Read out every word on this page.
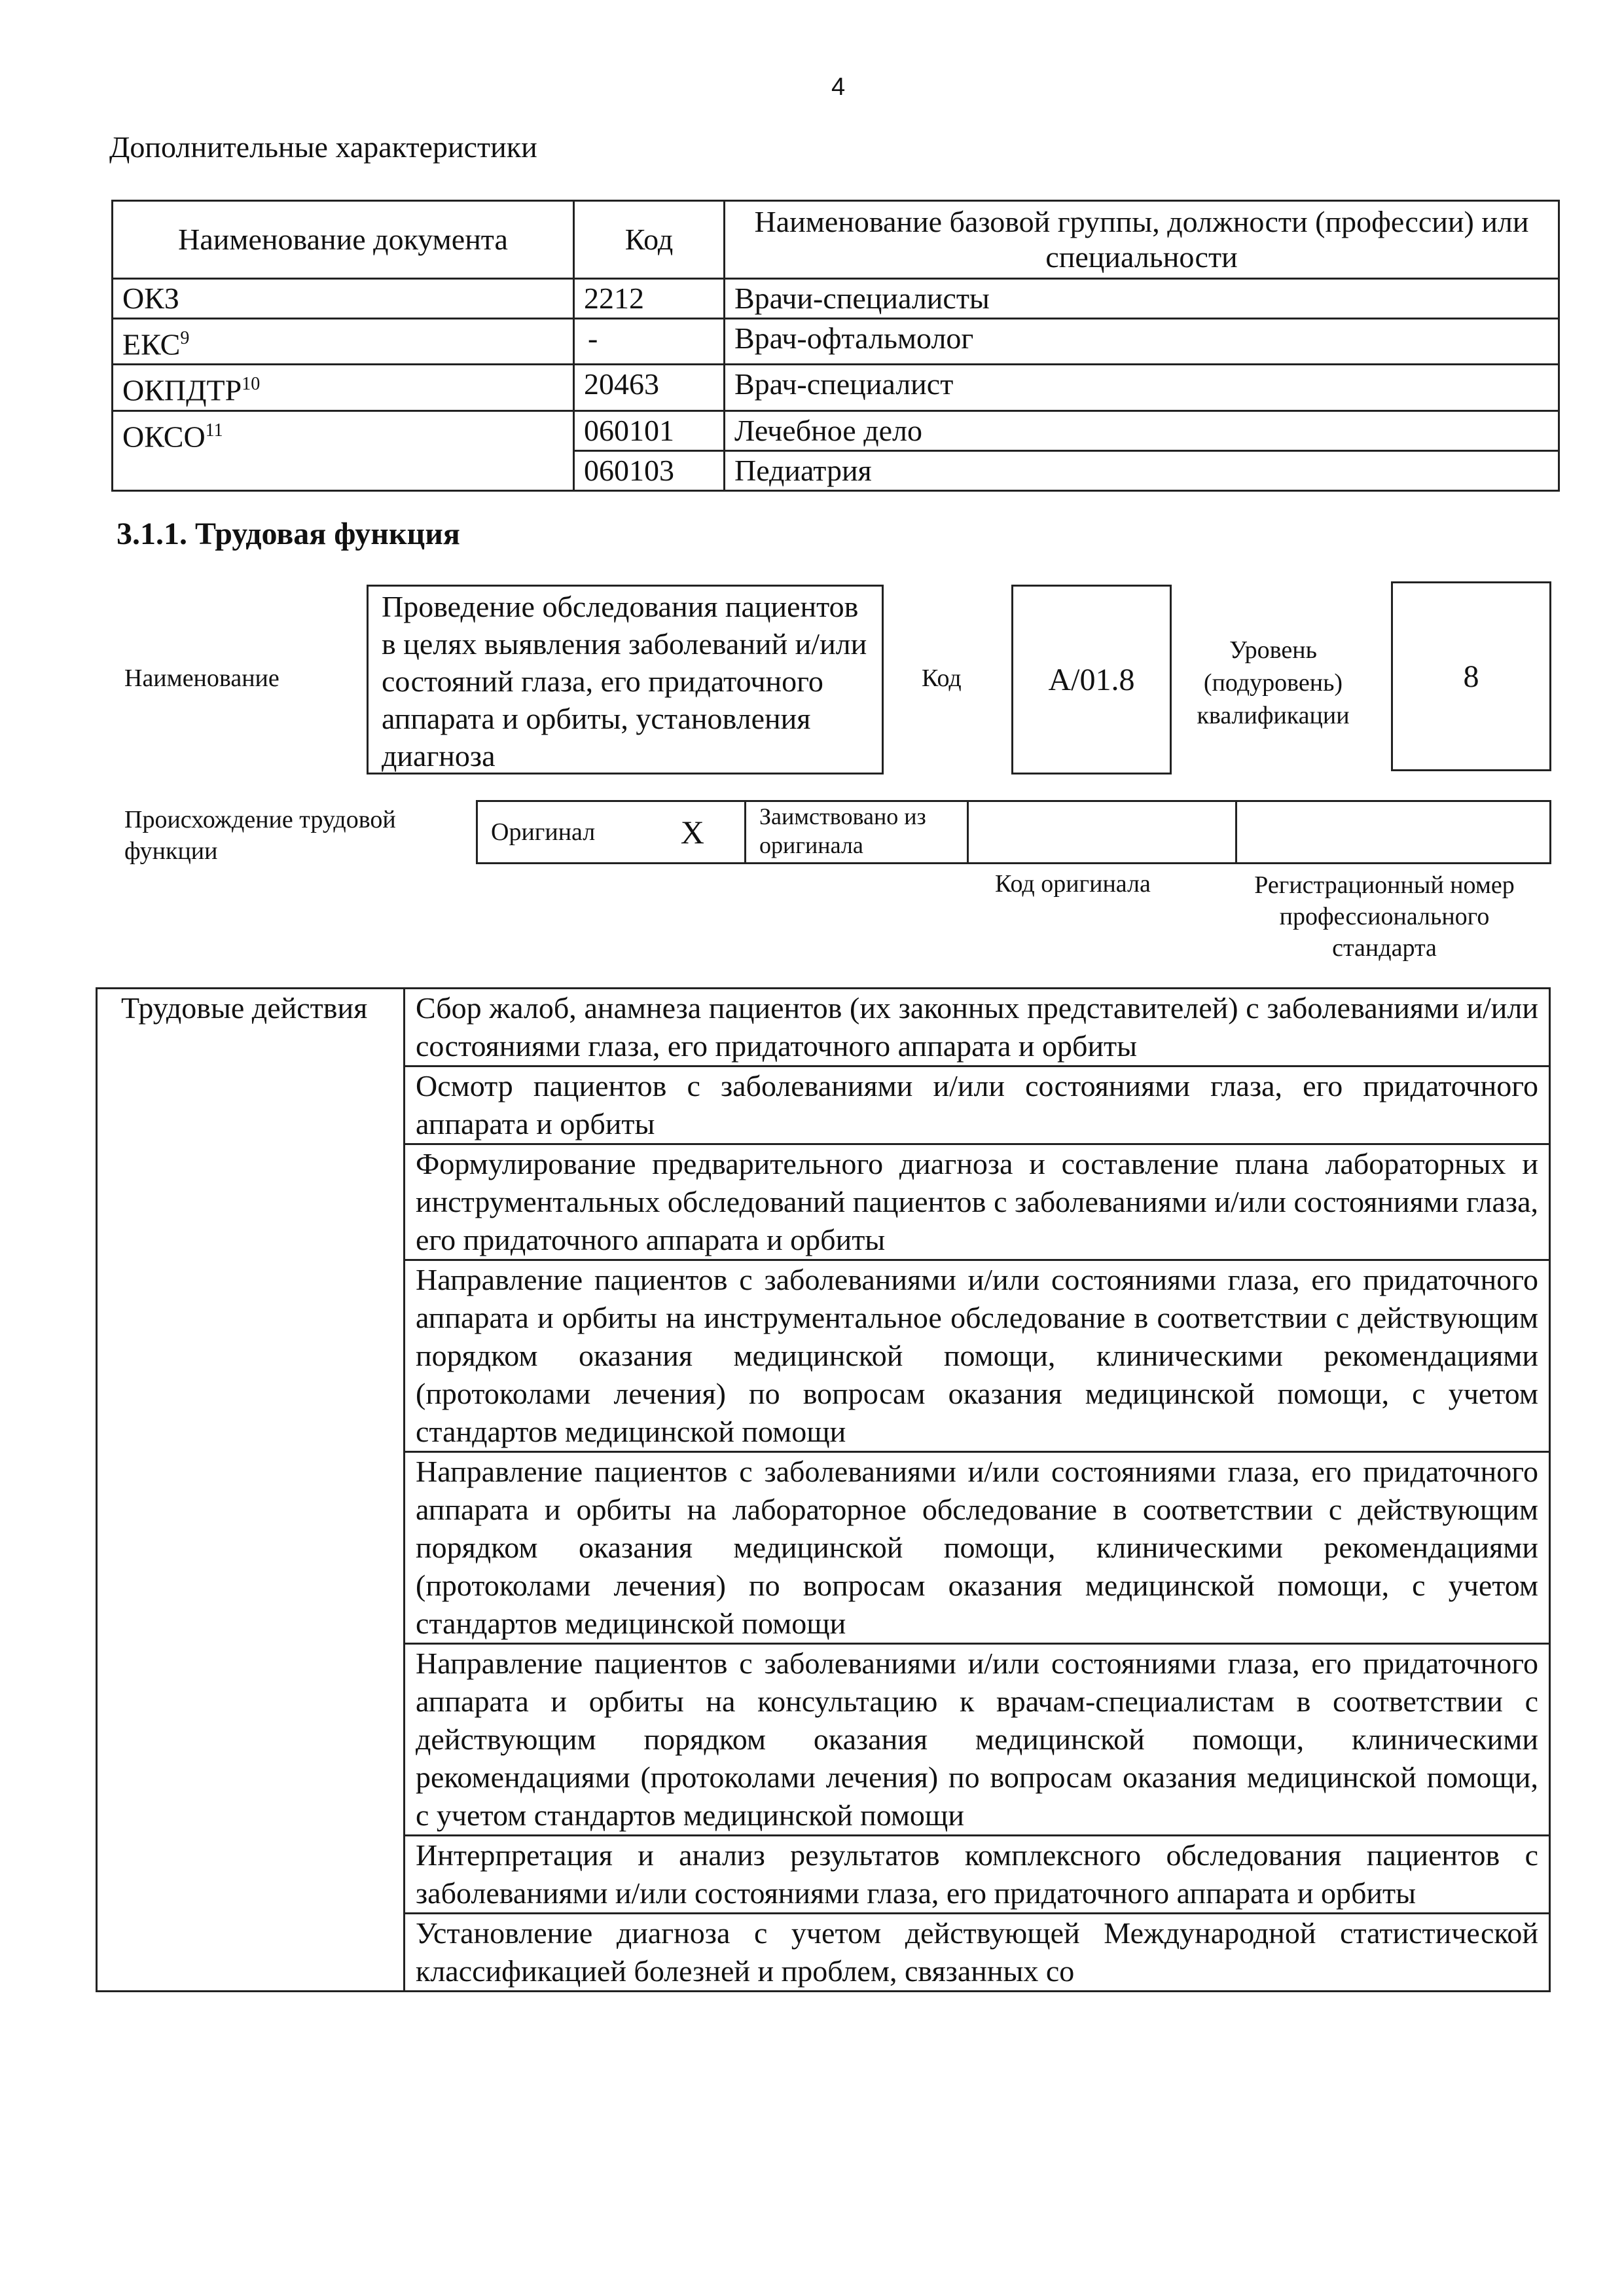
4
Дополнительные характеристики
Наименование документа	Код	Наименование базовой группы, должности (профессии) или специальности
ОКЗ	2212	Врачи-специалисты
ЕКС$^9$	-	Врач-офтальмолог
ОКПДТР$^{10}$	20463	Врач-специалист
ОКСО$^{11}$	060101	Лечебное дело
	060103	Педиатрия
3.1.1. Трудовая функция
Наименование
Проведение обследования пациентов в целях выявления заболеваний и/или состояний глаза, его придаточного аппарата и орбиты, установления диагноза
Код	А/01.8
Уровень (подуровень) квалификации
8
Происхождение трудовой функции
Оригинал	X	Заимствовано из оригинала		
Код оригинала	Регистрационный номер профессионального стандарта
Трудовые действия	Сбор жалоб, анамнеза пациентов (их законных представителей) с заболеваниями и/или состояниями глаза, его придаточного аппарата и орбиты
Осмотр пациентов с заболеваниями и/или состояниями глаза, его придаточного аппарата и орбиты
Формулирование предварительного диагноза и составление плана лабораторных и инструментальных обследований пациентов с заболеваниями и/или состояниями глаза, его придаточного аппарата и орбиты
Направление пациентов с заболеваниями и/или состояниями глаза, его придаточного аппарата и орбиты на инструментальное обследование в соответствии с действующим порядком оказания медицинской помощи, клиническими рекомендациями (протоколами лечения) по вопросам оказания медицинской помощи, с учетом стандартов медицинской помощи
Направление пациентов с заболеваниями и/или состояниями глаза, его придаточного аппарата и орбиты на лабораторное обследование в соответствии с действующим порядком оказания медицинской помощи, клиническими рекомендациями (протоколами лечения) по вопросам оказания медицинской помощи, с учетом стандартов медицинской помощи
Направление пациентов с заболеваниями и/или состояниями глаза, его придаточного аппарата и орбиты на консультацию к врачам-специалистам в соответствии с действующим порядком оказания медицинской помощи, клиническими рекомендациями (протоколами лечения) по вопросам оказания медицинской помощи, с учетом стандартов медицинской помощи
Интерпретация и анализ результатов комплексного обследования пациентов с заболеваниями и/или состояниями глаза, его придаточного аппарата и орбиты
Установление диагноза с учетом действующей Международной статистической классификацией болезней и проблем, связанных со
